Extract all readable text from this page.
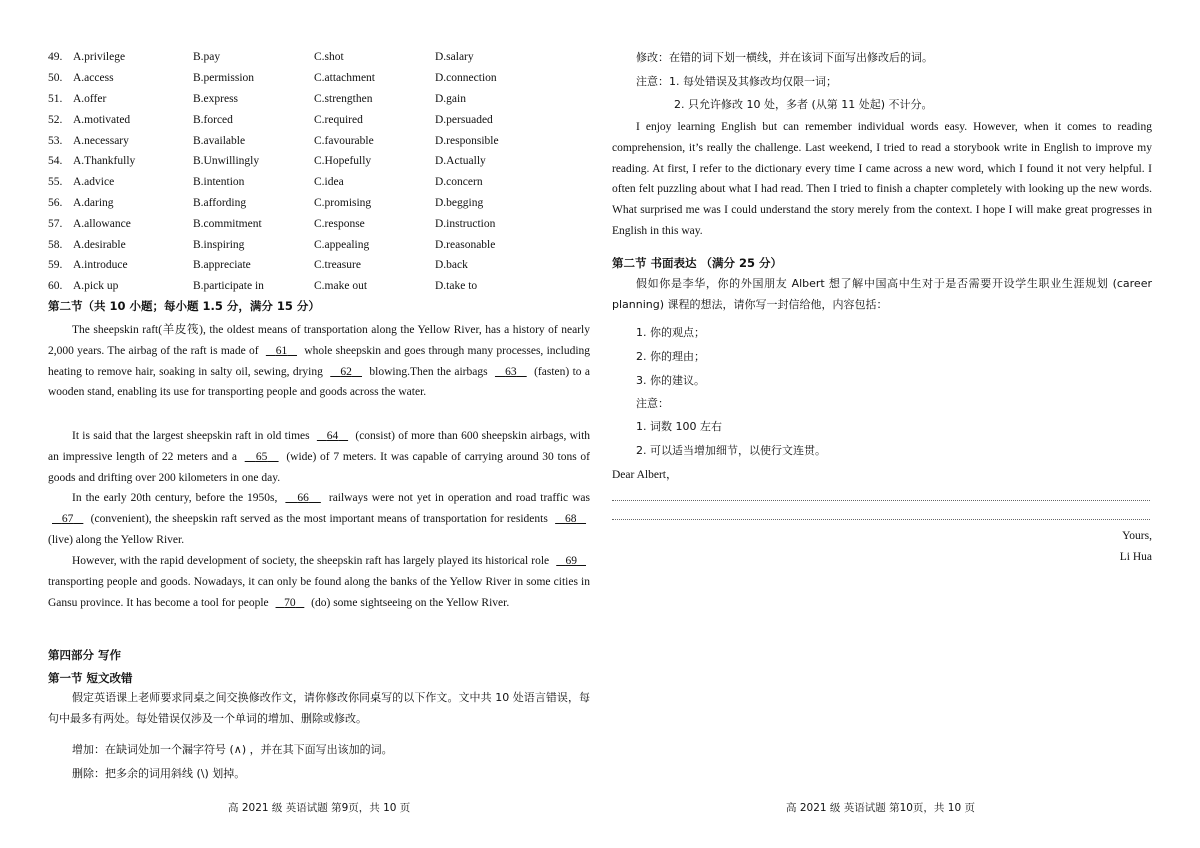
49.	A.privilege	B.pay	C.shot	D.salary
50.	A.access	B.permission	C.attachment	D.connection
51.	A.offer	B.express	C.strengthen	D.gain
52.	A.motivated	B.forced	C.required	D.persuaded
53.	A.necessary	B.available	C.favourable	D.responsible
54.	A.Thankfully	B.Unwillingly	C.Hopefully	D.Actually
55.	A.advice	B.intention	C.idea	D.concern
56.	A.daring	B.affording	C.promising	D.begging
57.	A.allowance	B.commitment	C.response	D.instruction
58.	A.desirable	B.inspiring	C.appealing	D.reasonable
59.	A.introduce	B.appreciate	C.treasure	D.back
60.	A.pick up	B.participate in	C.make out	D.take to
第二节（共 10 小题；每小题 1.5 分，满分 15 分）

The sheepskin raft(羊皮筏), the oldest means of transportation along the Yellow River, has a history of nearly 2,000 years. The airbag of the raft is made of 61 whole sheepskin and goes through many processes, including heating to remove hair, soaking in salty oil, sewing, drying 62 blowing.Then the airbags 63 (fasten) to a wooden stand, enabling its use for transporting people and goods across the water.

It is said that the largest sheepskin raft in old times 64 (consist) of more than 600 sheepskin airbags, with an impressive length of 22 meters and a 65 (wide) of 7 meters. It was capable of carrying around 30 tons of goods and drifting over 200 kilometers in one day.

In the early 20th century, before the 1950s, 66 railways were not yet in operation and road traffic was    67 (convenient), the sheepskin raft served as the most important means of transportation for residents 68    (live) along the Yellow River.

However, with the rapid development of society, the sheepskin raft has largely played its historical role 69    transporting people and goods. Nowadays, it can only be found along the banks of the Yellow River in some cities in Gansu province. It has become a tool for people 70 (do) some sightseeing on the Yellow River.

第四部分 写作
第一节 短文改错

假定英语课上老师要求同桌之间交换修改作文，请你修改你同桌写的以下作文。文中共 10 处语言错误，每句中最多有两处。每处错误仅涉及一个单词的增加、删除或修改。

增加：在缺词处加一个漏字符号 (∧) ，并在其下面写出该加的词。
删除：把多余的词用斜线 (\) 划掉。
高 2021 级 英语试题 第9页，共 10 页
修改：在错的词下划一横线，并在该词下面写出修改后的词。
注意：1. 每处错误及其修改均仅限一词；
2. 只允许修改 10 处，多者 (从第 11 处起) 不计分。

I enjoy learning English but can remember individual words easy. However, when it comes to reading comprehension, it’s really the challenge. Last weekend, I tried to read a storybook write in English to improve my reading. At first, I refer to the dictionary every time I came across a new word, which I found it not very helpful. I often felt puzzling about what I had read. Then I tried to finish a chapter completely with looking up the new words. What surprised me was I could understand the story merely from the context. I hope I will make great progresses in English in this way.

第二节 书面表达 （满分 25 分）

假如你是李华，你的外国朋友 Albert 想了解中国高中生对于是否需要开设学生职业生涯规划 (career planning) 课程的想法，请你写一封信给他，内容包括：

1. 你的观点；
2. 你的理由；
3. 你的建议。
注意：
1. 词数 100 左右
2. 可以适当增加细节，以使行文连贯。
Dear Albert，
Yours,
Li Hua
高 2021 级 英语试题 第10页，共 10 页
